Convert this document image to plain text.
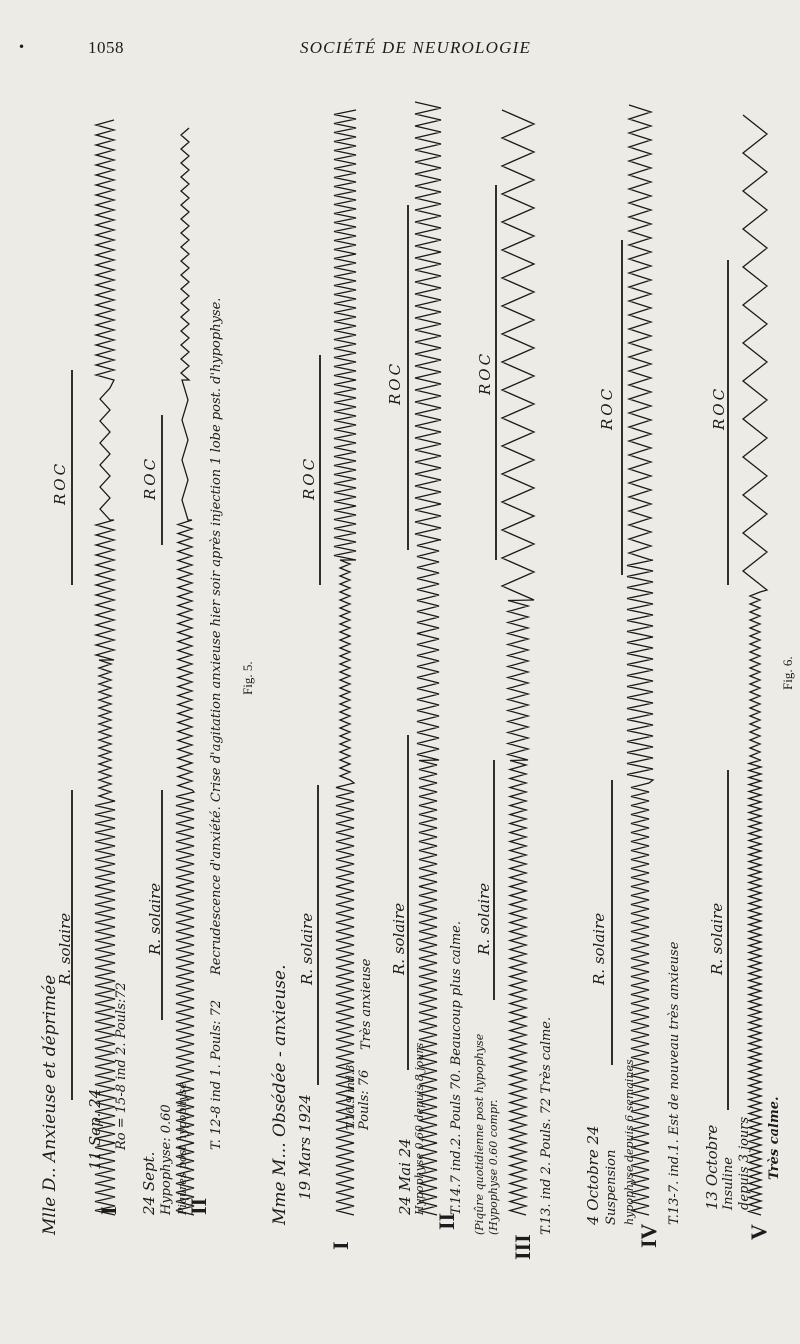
•	1058	SOCIÉTÉ DE NEUROLOGIE
Mlle D.. Anxieuse et déprimée I
11 Sep. 24 Ro = 15-8 ind 2. Pouls:72
R. solaire
ROC
II
24 Sept. Hypophyse: 0.60 Piqûres post hypophyse T. 12-8 ind 1. Pouls: 72
Recrudescence d'anxiété. Crise d'agitation anxieuse hier soir après injection 1 lobe post. d'hypophyse.
R. solaire
ROC
Fig. 5.
Mme M... Obsédée - anxieuse. 19 Mars 1924
R. solaire
I
T.16.9 ind.3 Pouls: 76
Très anxieuse
ROC
24 Mai 24 Hypophyse 0.60 depuis 8 jours
II
T.14.7 ind.2. Pouls 70. Beaucoup plus calme.
R. solaire
ROC
(Piqûre quotidienne post hypophyse (Hypophyse 0.60 compr.
III
T.13. ind 2. Pouls. 72 Très calme.
R. solaire
ROC
4 Octobre 24 Suspension hypophyse depuis 6 semaines
IV
T.13-7. ind.1. Est de nouveau très anxieuse
R. solaire
ROC
13 Octobre Insuline depuis 3 jours
V
Très calme.
R. solaire
ROC
Fig. 6.
